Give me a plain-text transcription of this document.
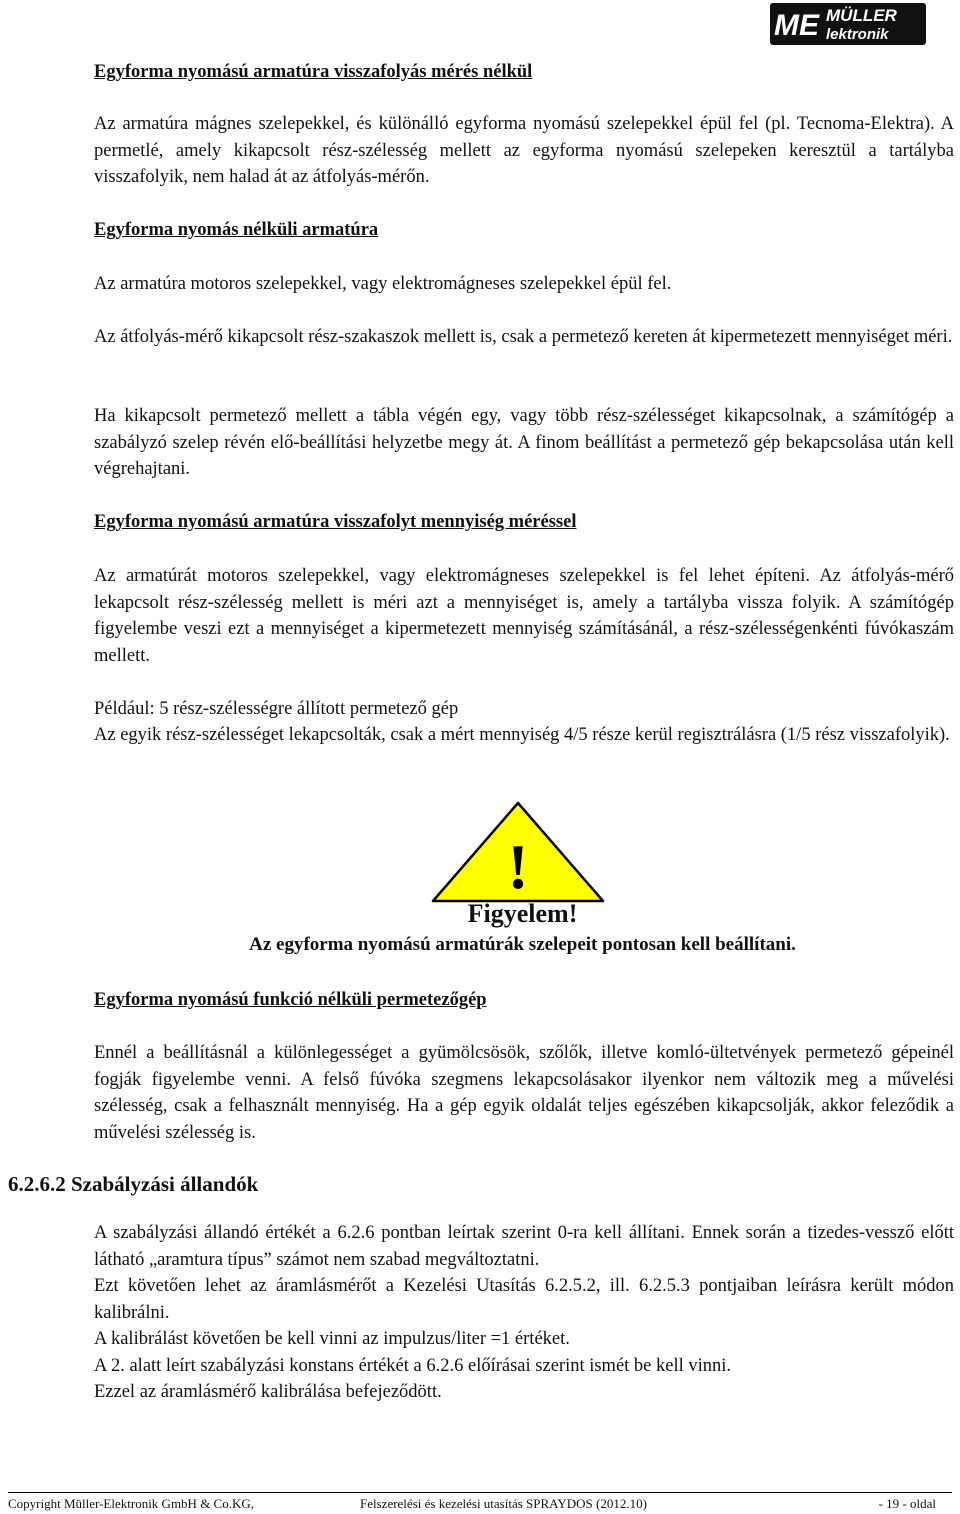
ME MÜLLER
lektronik
Egyforma nyomású armatúra visszafolyás mérés nélkül
Az armatúra mágnes szelepekkel, és különálló egyforma nyomású szelepekkel épül fel (pl. Tecnoma-Elektra). A permetlé, amely kikapcsolt rész-szélesség mellett az egyforma nyomású szelepeken keresztül a tartályba visszafolyik, nem halad át az átfolyás-mérőn.
Egyforma nyomás nélküli armatúra
Az armatúra motoros szelepekkel, vagy elektromágneses szelepekkel épül fel.
Az átfolyás-mérő kikapcsolt rész-szakaszok mellett is, csak a permetező kereten át kipermetezett mennyiséget méri.
Ha kikapcsolt permetező mellett a tábla végén egy, vagy több rész-szélességet kikapcsolnak, a számítógép a szabályzó szelep révén elő-beállítási helyzetbe megy át. A finom beállítást a permetező gép bekapcsolása után kell végrehajtani.
Egyforma nyomású armatúra visszafolyt mennyiség méréssel
Az armatúrát motoros szelepekkel, vagy elektromágneses szelepekkel is fel lehet építeni. Az átfolyás-mérő lekapcsolt rész-szélesség mellett is méri azt a mennyiséget is, amely a tartályba vissza folyik. A számítógép figyelembe veszi ezt a mennyiséget a kipermetezett mennyiség számításánál, a rész-szélességenkénti fúvókaszám mellett.
Például: 5 rész-szélességre állított permetező gép
Az egyik rész-szélességet lekapcsolták, csak a mért mennyiség 4/5 része kerül regisztrálásra (1/5 rész visszafolyik).
!
Figyelem!
Az egyforma nyomású armatúrák szelepeit pontosan kell beállítani.
Egyforma nyomású funkció nélküli permetezőgép
Ennél a beállításnál a különlegességet a gyümölcsösök, szőlők, illetve komló-ültetvények permetező gépeinél fogják figyelembe venni. A felső fúvóka szegmens lekapcsolásakor ilyenkor nem változik meg a művelési szélesség, csak a felhasznált mennyiség. Ha a gép egyik oldalát teljes egészében kikapcsolják, akkor feleződik a művelési szélesség is.
6.2.6.2 Szabályzási állandók
A szabályzási állandó értékét a 6.2.6 pontban leírtak szerint 0-ra kell állítani. Ennek során a tizedes-vessző előtt látható „aramtura típus” számot nem szabad megváltoztatni.
Ezt követően lehet az áramlásmérőt a Kezelési Utasítás 6.2.5.2, ill. 6.2.5.3 pontjaiban leírásra került módon kalibrálni.
A kalibrálást követően be kell vinni az impulzus/liter =1 értéket.
A 2. alatt leírt szabályzási konstans értékét a 6.2.6 előírásai szerint ismét be kell vinni.
Ezzel az áramlásmérő kalibrálása befejeződött.
Copyright Müller-Elektronik GmbH & Co.KG,	Felszerelési és kezelési utasítás SPRAYDOS (2012.10)	- 19 - oldal
